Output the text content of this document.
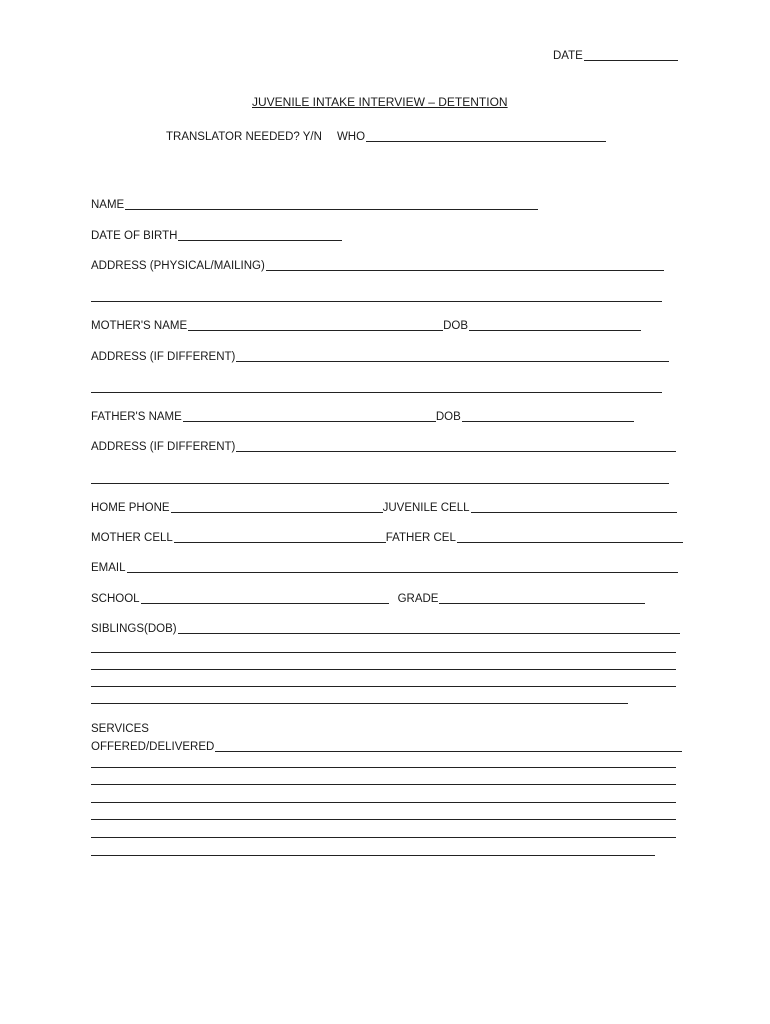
DATE
JUVENILE INTAKE INTERVIEW – DETENTION
TRANSLATOR NEEDED? Y/N WHO
NAME
DATE OF BIRTH
ADDRESS (PHYSICAL/MAILING)
MOTHER'S NAME	DOB
ADDRESS (IF DIFFERENT)
FATHER'S NAME	DOB
ADDRESS (IF DIFFERENT)
HOME PHONE	JUVENILE CELL
MOTHER CELL	FATHER CEL
EMAIL
SCHOOL	GRADE
SIBLINGS(DOB)
SERVICES
OFFERED/DELIVERED
